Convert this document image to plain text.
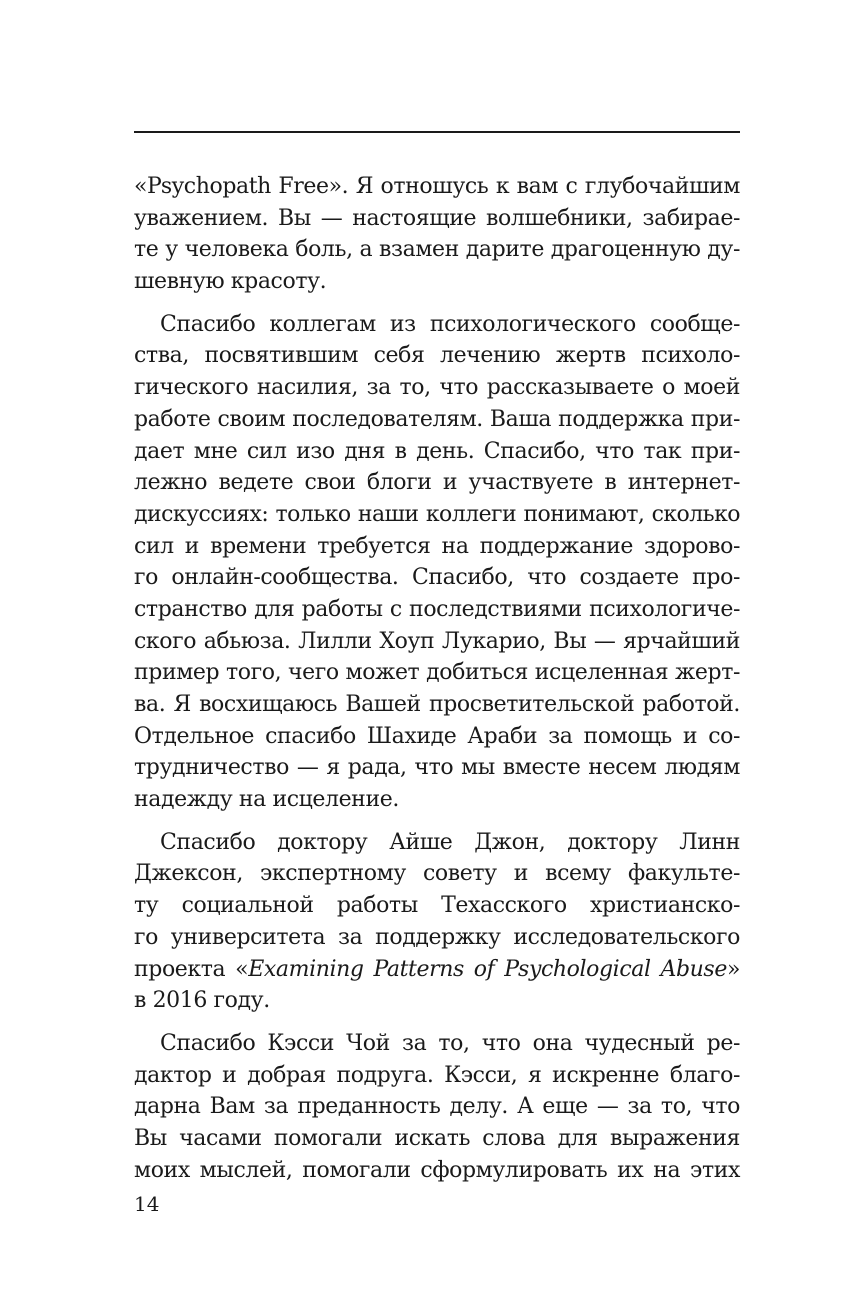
«Psychopath Free». Я отношусь к вам с глубочайшим
уважением. Вы — настоящие волшебники, забирае-
те у человека боль, а взамен дарите драгоценную ду-
шевную красоту.
Спасибо коллегам из психологического сообще-
ства, посвятившим себя лечению жертв психоло-
гического насилия, за то, что рассказываете о моей
работе своим последователям. Ваша поддержка при-
дает мне сил изо дня в день. Спасибо, что так при-
лежно ведете свои блоги и участвуете в интернет-
дискуссиях: только наши коллеги понимают, сколько
сил и времени требуется на поддержание здорово-
го онлайн-сообщества. Спасибо, что создаете про-
странство для работы с последствиями психологиче-
ского абьюза. Лилли Хоуп Лукарио, Вы — ярчайший
пример того, чего может добиться исцеленная жерт-
ва. Я восхищаюсь Вашей просветительской работой.
Отдельное спасибо Шахиде Араби за помощь и со-
трудничество — я рада, что мы вместе несем людям
надежду на исцеление.
Спасибо доктору Айше Джон, доктору Линн
Джексон, экспертному совету и всему факульте-
ту социальной работы Техасского христианско-
го университета за поддержку исследовательского
проекта «Examining Patterns of Psychological Abuse»
в 2016 году.
Спасибо Кэсси Чой за то, что она чудесный ре-
дактор и добрая подруга. Кэсси, я искренне благо-
дарна Вам за преданность делу. А еще — за то, что
Вы часами помогали искать слова для выражения
моих мыслей, помогали сформулировать их на этих
14
